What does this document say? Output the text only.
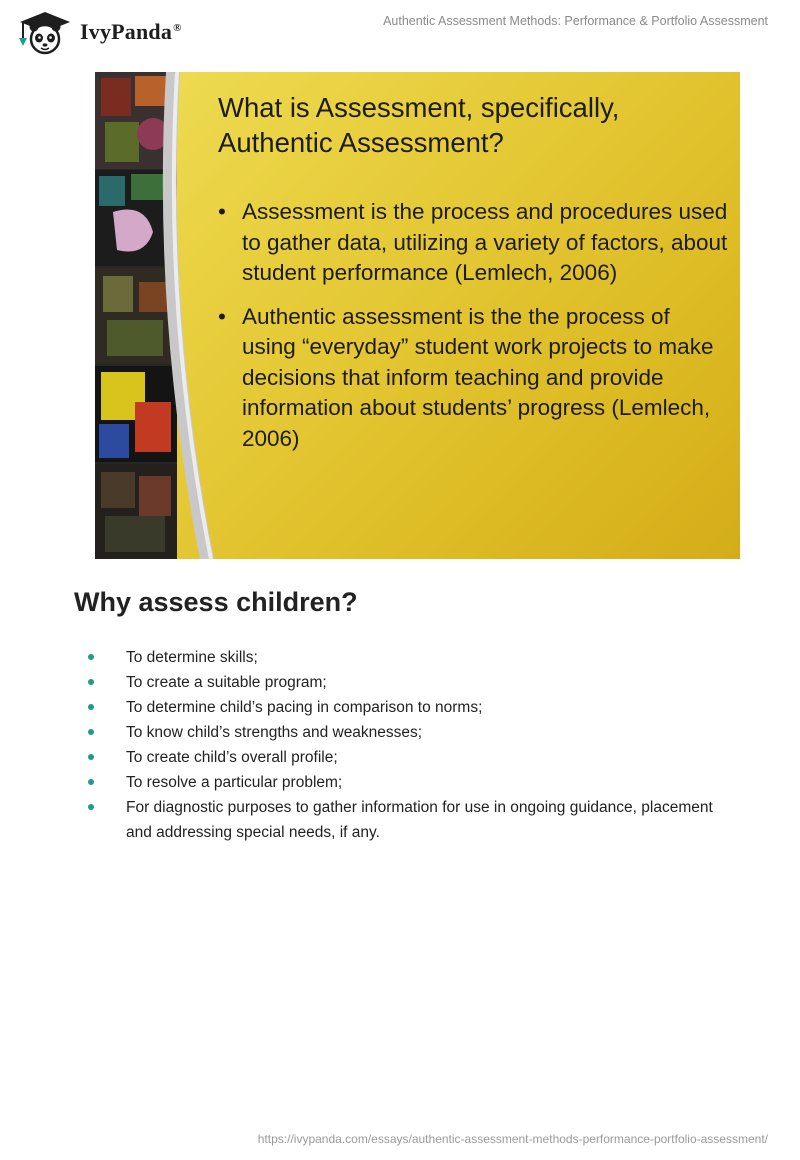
IvyPanda®	Authentic Assessment Methods: Performance & Portfolio Assessment
What is Assessment, specifically, Authentic Assessment?
• Assessment is the process and procedures used to gather data, utilizing a variety of factors, about student performance (Lemlech, 2006)
• Authentic assessment is the the process of using “everyday” student work projects to make decisions that inform teaching and provide information about students’ progress (Lemlech, 2006)
Why assess children?
To determine skills;
To create a suitable program;
To determine child’s pacing in comparison to norms;
To know child’s strengths and weaknesses;
To create child’s overall profile;
To resolve a particular problem;
For diagnostic purposes to gather information for use in ongoing guidance, placement and addressing special needs, if any.
https://ivypanda.com/essays/authentic-assessment-methods-performance-portfolio-assessment/
